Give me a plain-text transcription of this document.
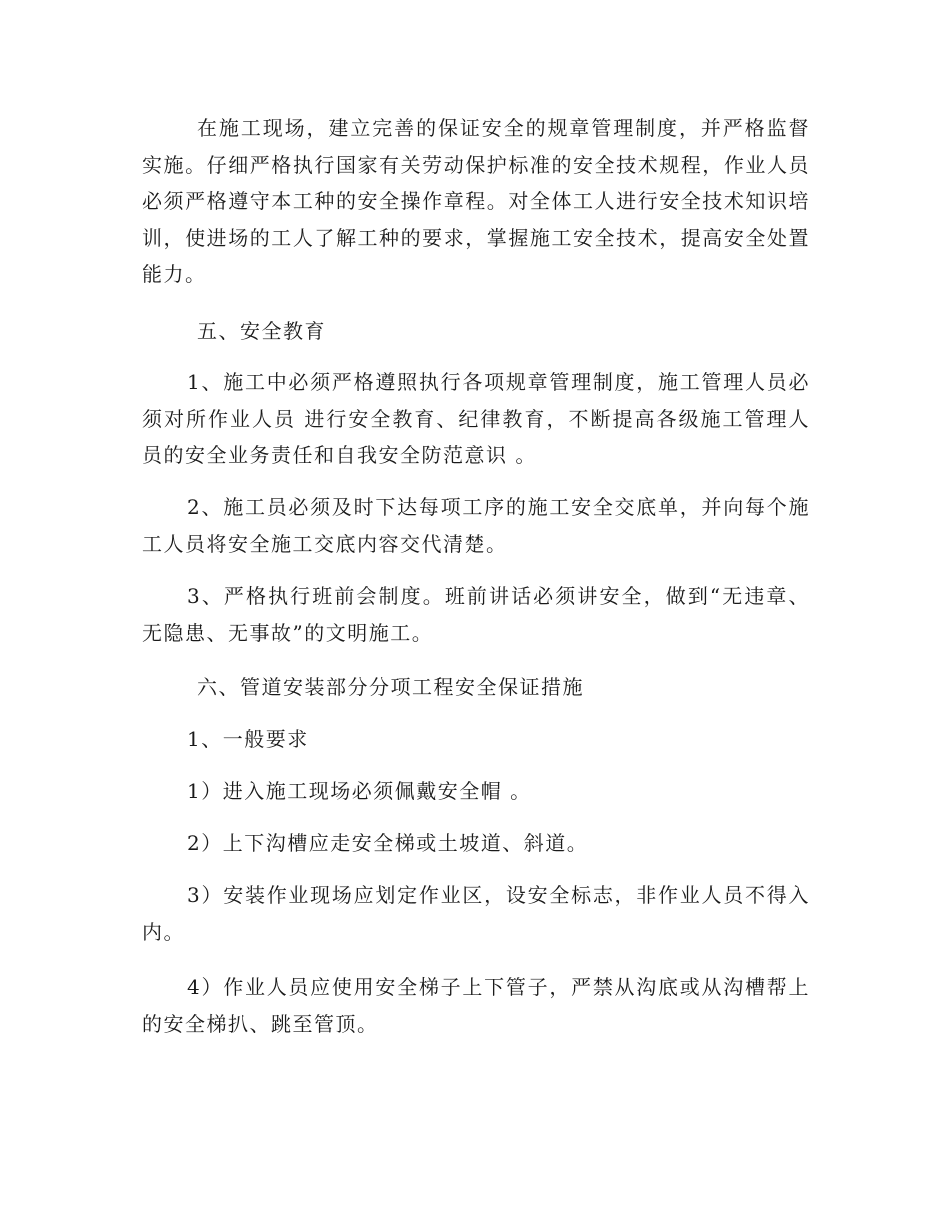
在施工现场，建立完善的保证安全的规章管理制度，并严格监督实施。仔细严格执行国家有关劳动保护标准的安全技术规程，作业人员必须严格遵守本工种的安全操作章程。对全体工人进行安全技术知识培训，使进场的工人了解工种的要求，掌握施工安全技术，提高安全处置能力。

五、安全教育

1、施工中必须严格遵照执行各项规章管理制度，施工管理人员必须对所作业人员 进行安全教育、纪律教育，不断提高各级施工管理人员的安全业务责任和自我安全防范意识 。

2、施工员必须及时下达每项工序的施工安全交底单，并向每个施工人员将安全施工交底内容交代清楚。

3、严格执行班前会制度。班前讲话必须讲安全，做到“无违章、无隐患、无事故”的文明施工。

六、管道安装部分分项工程安全保证措施

1、一般要求

1）进入施工现场必须佩戴安全帽 。

2）上下沟槽应走安全梯或土坡道、斜道。

3）安装作业现场应划定作业区，设安全标志，非作业人员不得入内。

4）作业人员应使用安全梯子上下管子，严禁从沟底或从沟槽帮上的安全梯扒、跳至管顶。
